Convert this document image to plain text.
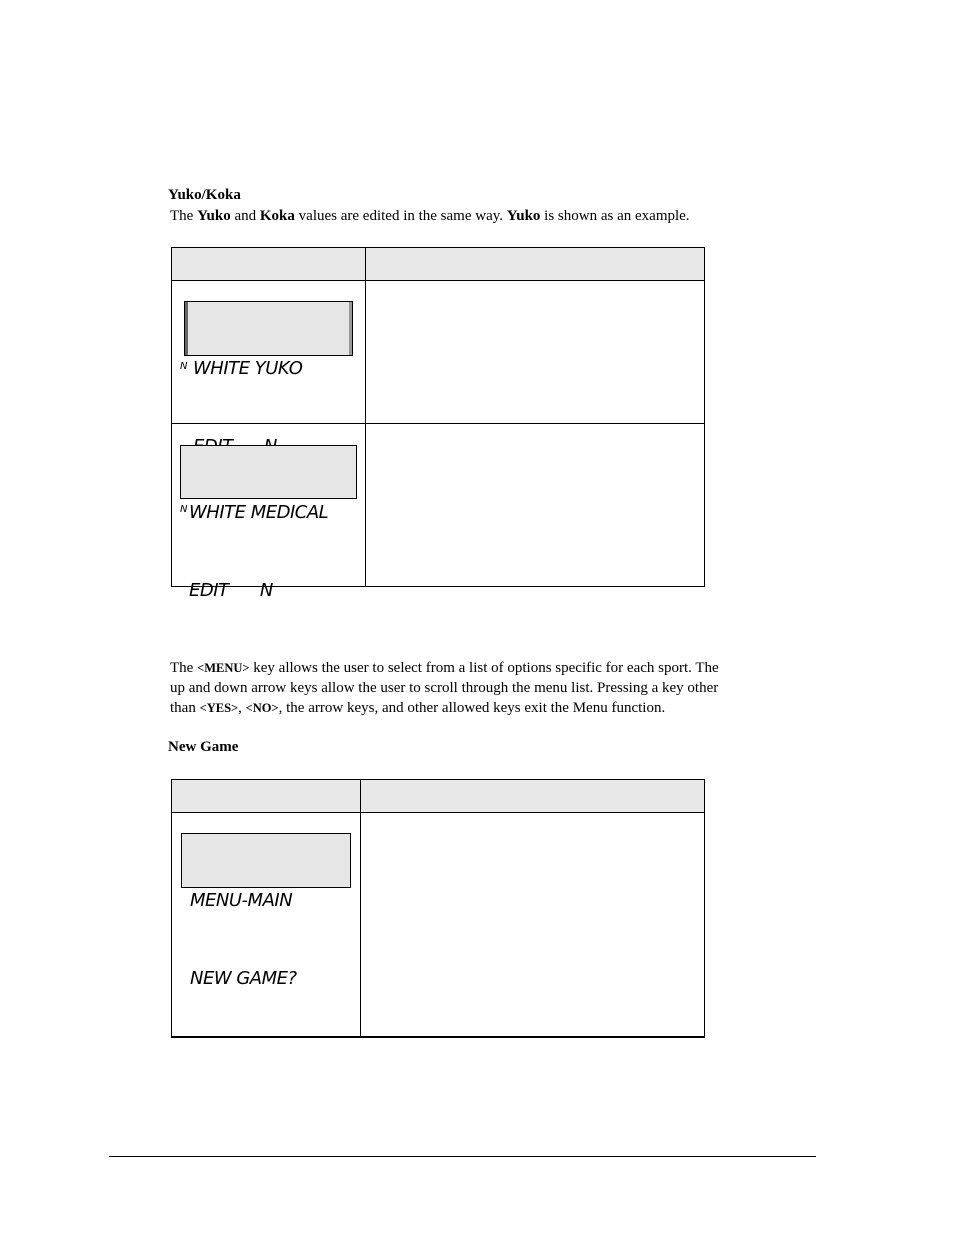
Yuko/Koka
The Yuko and Koka values are edited in the same way. Yuko is shown as an example.

WHITE YUKO

N	

WHITE MEDICAL

EDIT      N

N	

The <MENU> key allows the user to select from a list of options specific for each sport. The
up and down arrow keys allow the user to scroll through the menu list. Pressing a key other
than <YES>, <NO>, the arrow keys, and other allowed keys exit the Menu function.
New Game

MENU-MAIN

NEW GAME?	
